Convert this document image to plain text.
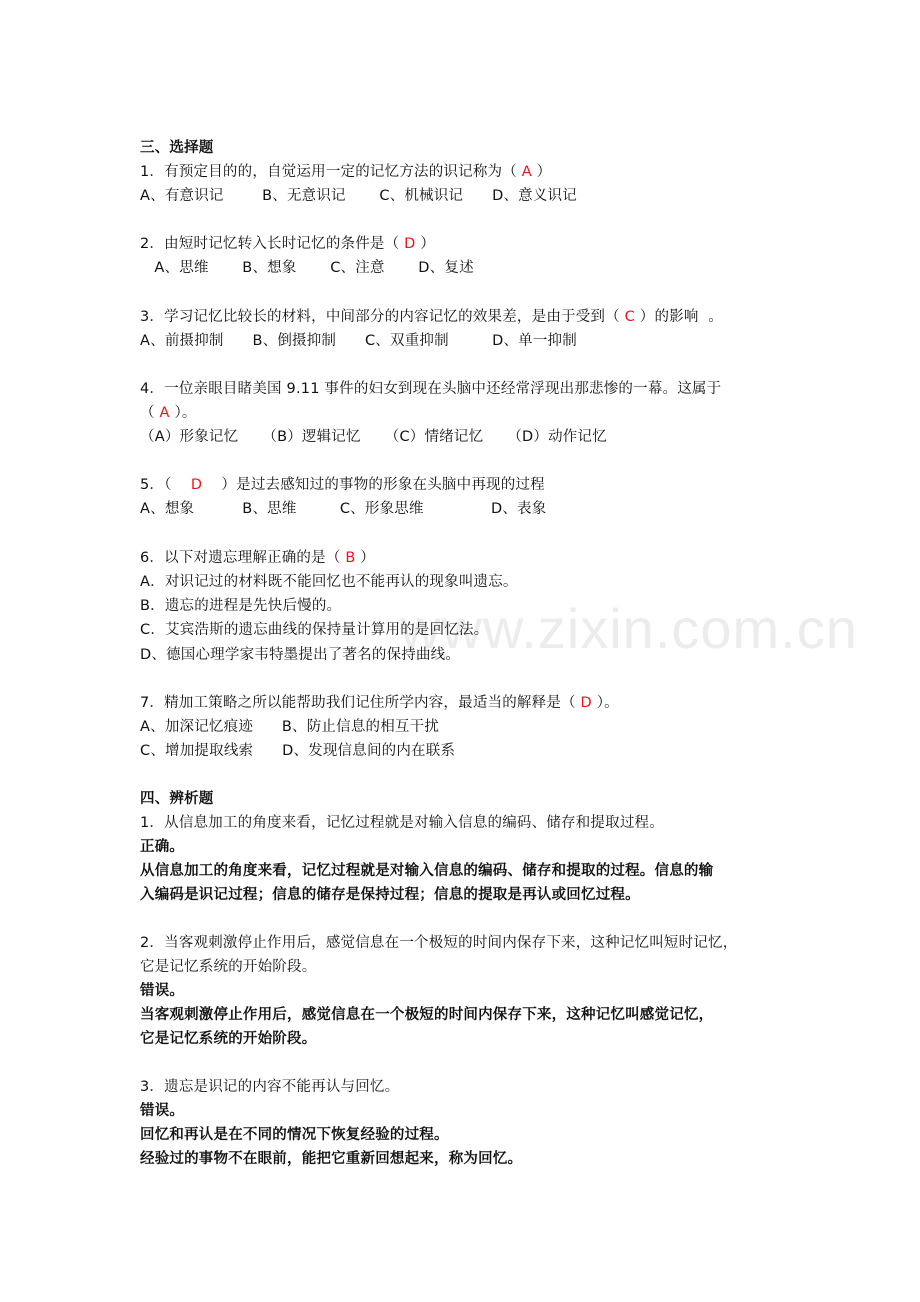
www.zixin.com.cn
三、选择题
1．有预定目的的，自觉运用一定的记忆方法的识记称为（ A ）
A、有意识记        B、无意识记       C、机械识记      D、意义识记
2．由短时记忆转入长时记忆的条件是（ D ）
A、思维       B、想象       C、注意       D、复述
3．学习记忆比较长的材料，中间部分的内容记忆的效果差，是由于受到（ C ）的影响  。
A、前摄抑制      B、倒摄抑制      C、双重抑制         D、单一抑制
4．一位亲眼目睹美国 9.11 事件的妇女到现在头脑中还经常浮现出那悲惨的一幕。这属于
（ A ）。
（A）形象记忆     （B）逻辑记忆     （C）情绪记忆     （D）动作记忆
5．（    D    ）是过去感知过的事物的形象在头脑中再现的过程
A、想象          B、思维         C、形象思维              D、表象
6．以下对遗忘理解正确的是（ B ）
A．对识记过的材料既不能回忆也不能再认的现象叫遗忘。
B．遗忘的进程是先快后慢的。
C．艾宾浩斯的遗忘曲线的保持量计算用的是回忆法。
D、德国心理学家韦特墨提出了著名的保持曲线。
7．精加工策略之所以能帮助我们记住所学内容，最适当的解释是（ D ）。
A、加深记忆痕迹      B、防止信息的相互干扰
C、增加提取线索      D、发现信息间的内在联系
四、辨析题
1．从信息加工的角度来看，记忆过程就是对输入信息的编码、储存和提取过程。
正确。
从信息加工的角度来看，记忆过程就是对输入信息的编码、储存和提取的过程。信息的输
入编码是识记过程；信息的储存是保持过程；信息的提取是再认或回忆过程。
2．当客观刺激停止作用后，感觉信息在一个极短的时间内保存下来，这种记忆叫短时记忆，
它是记忆系统的开始阶段。
错误。
当客观刺激停止作用后，感觉信息在一个极短的时间内保存下来，这种记忆叫感觉记忆，
它是记忆系统的开始阶段。
3．遗忘是识记的内容不能再认与回忆。
错误。
回忆和再认是在不同的情况下恢复经验的过程。
经验过的事物不在眼前，能把它重新回想起来，称为回忆。
